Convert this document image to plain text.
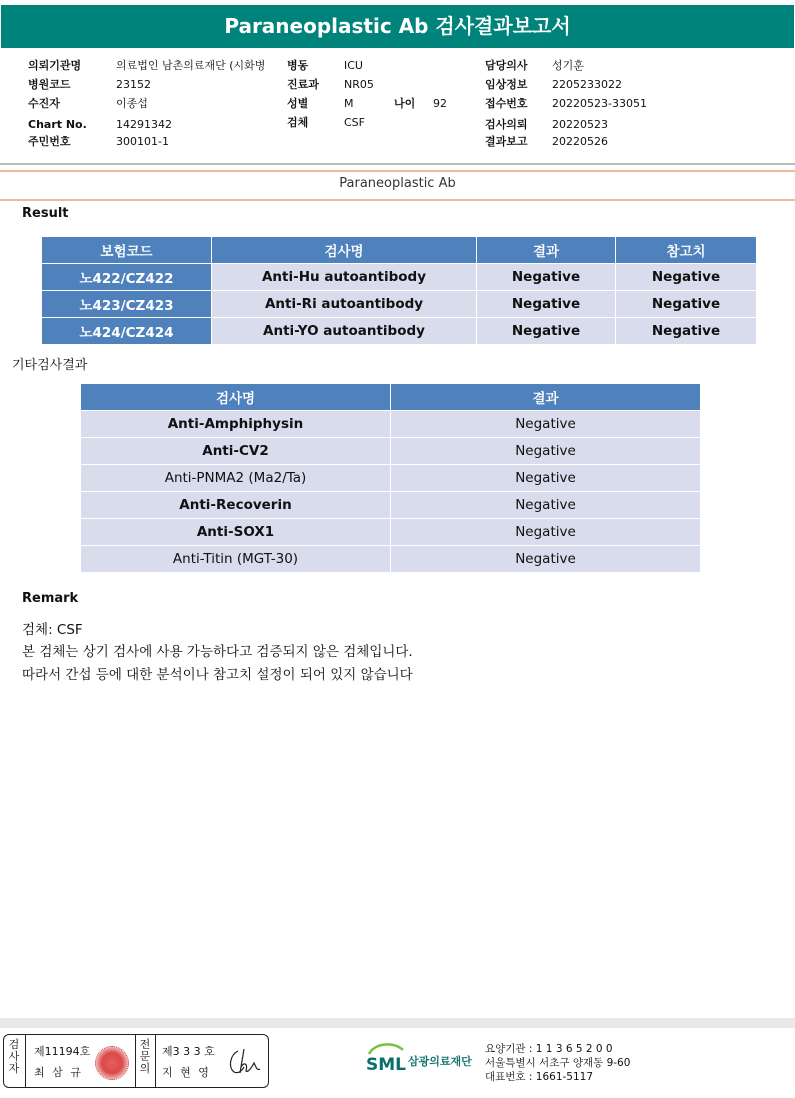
Paraneoplastic Ab 검사결과보고서
의뢰기관명	의료법인 남촌의료재단 (시화병
병원코드	23152
수진자	이종섭
Chart No.	14291342
주민번호	300101-1
병동	ICU
진료과 NR05
성별	M	나이 92
검체	CSF
담당의사 성기훈
임상정보 2205233022
접수번호 20220523-33051
검사의뢰 20220523
결과보고 20220526
Paraneoplastic Ab
Result
보험코드	검사명	결과	참고치
노422/CZ422	Anti-Hu autoantibody	Negative	Negative
노423/CZ423	Anti-Ri autoantibody	Negative	Negative
노424/CZ424	Anti-YO autoantibody	Negative	Negative
기타검사결과
검사명	결과
Anti-Amphiphysin	Negative
Anti-CV2	Negative
Anti-PNMA2 (Ma2/Ta)	Negative
Anti-Recoverin	Negative
Anti-SOX1	Negative
Anti-Titin (MGT-30)	Negative
Remark
검체: CSF
본 검체는 상기 검사에 사용 가능하다고 검증되지 않은 검체입니다.
따라서 간섭 등에 대한 분석이나 참고치 설정이 되어 있지 않습니다
검
사
자
제11194호
최 삼 규
전
문
의
제3 3 3 호
지 현 영	SML 삼광의료재단
요양기관 : 1 1 3 6 5 2 0 0
서울특별시 서초구 양재동 9-60
대표번호 : 1661-5117
